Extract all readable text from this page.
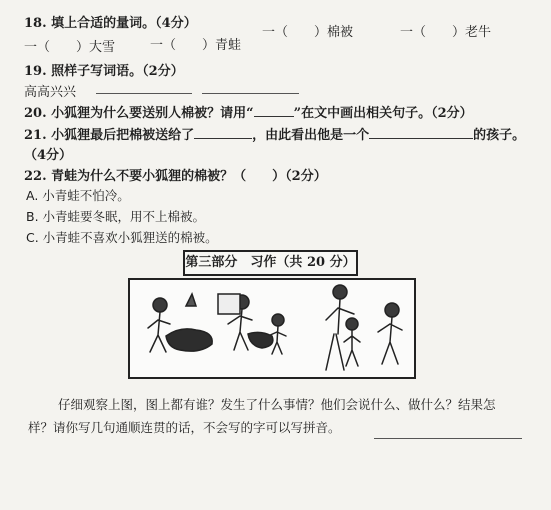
18. 填上合适的量词。（4分）
一（　　）棉被	一（　　）老牛
一（　　）大雪	一（　　）青蛙
19. 照样子写词语。（2分）
高高兴兴
20. 小狐狸为什么要送别人棉被？请用“	”在文中画出相关句子。（2分）
21. 小狐狸最后把棉被送给了	，由此看出他是一个	的孩子。
（4分）
22. 青蛙为什么不要小狐狸的棉被？（　　）（2分）
A. 小青蛙不怕冷。
B. 小青蛙要冬眠，用不上棉被。
C. 小青蛙不喜欢小狐狸送的棉被。
第三部分　习作（共 20 分）
仔细观察上图，图上都有谁？发生了什么事情？他们会说什么、做什么？结果怎
样？请你写几句通顺连贯的话，不会写的字可以写拼音。
